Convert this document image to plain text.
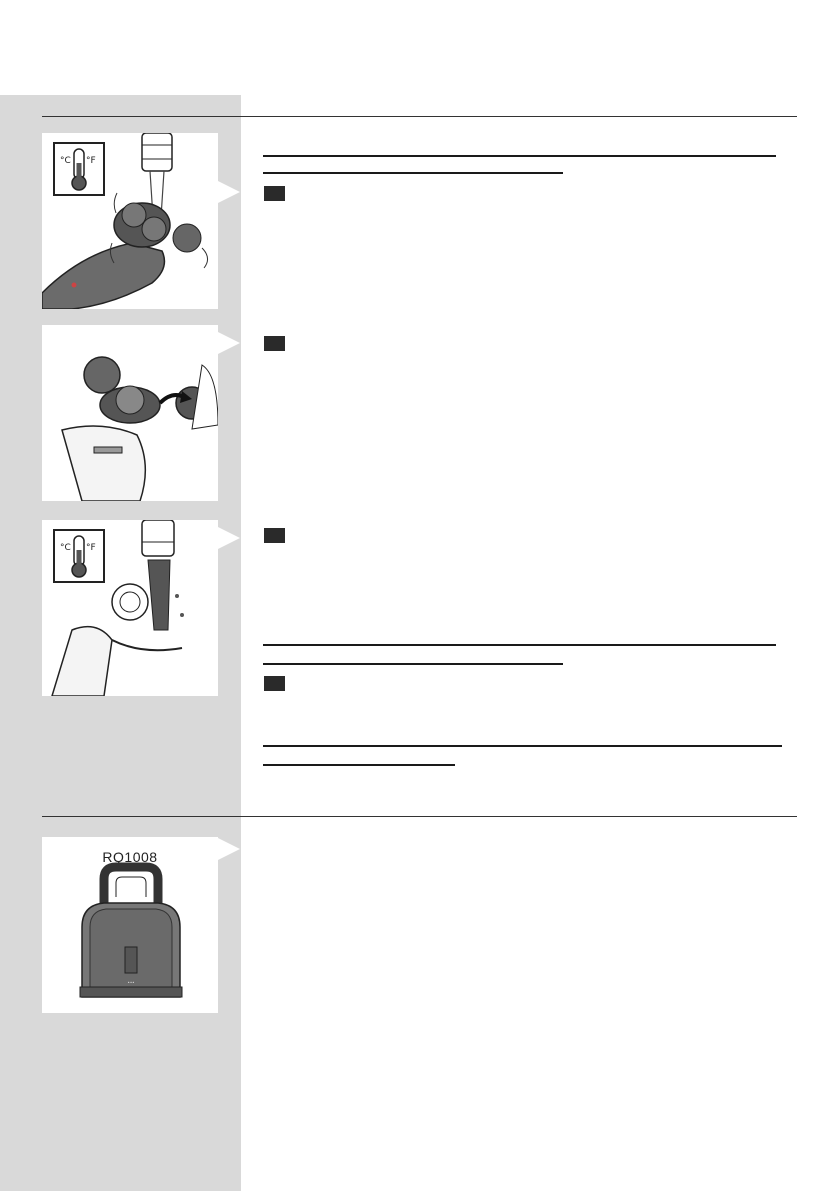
°C °F
°C °F
RQ1008
•••
